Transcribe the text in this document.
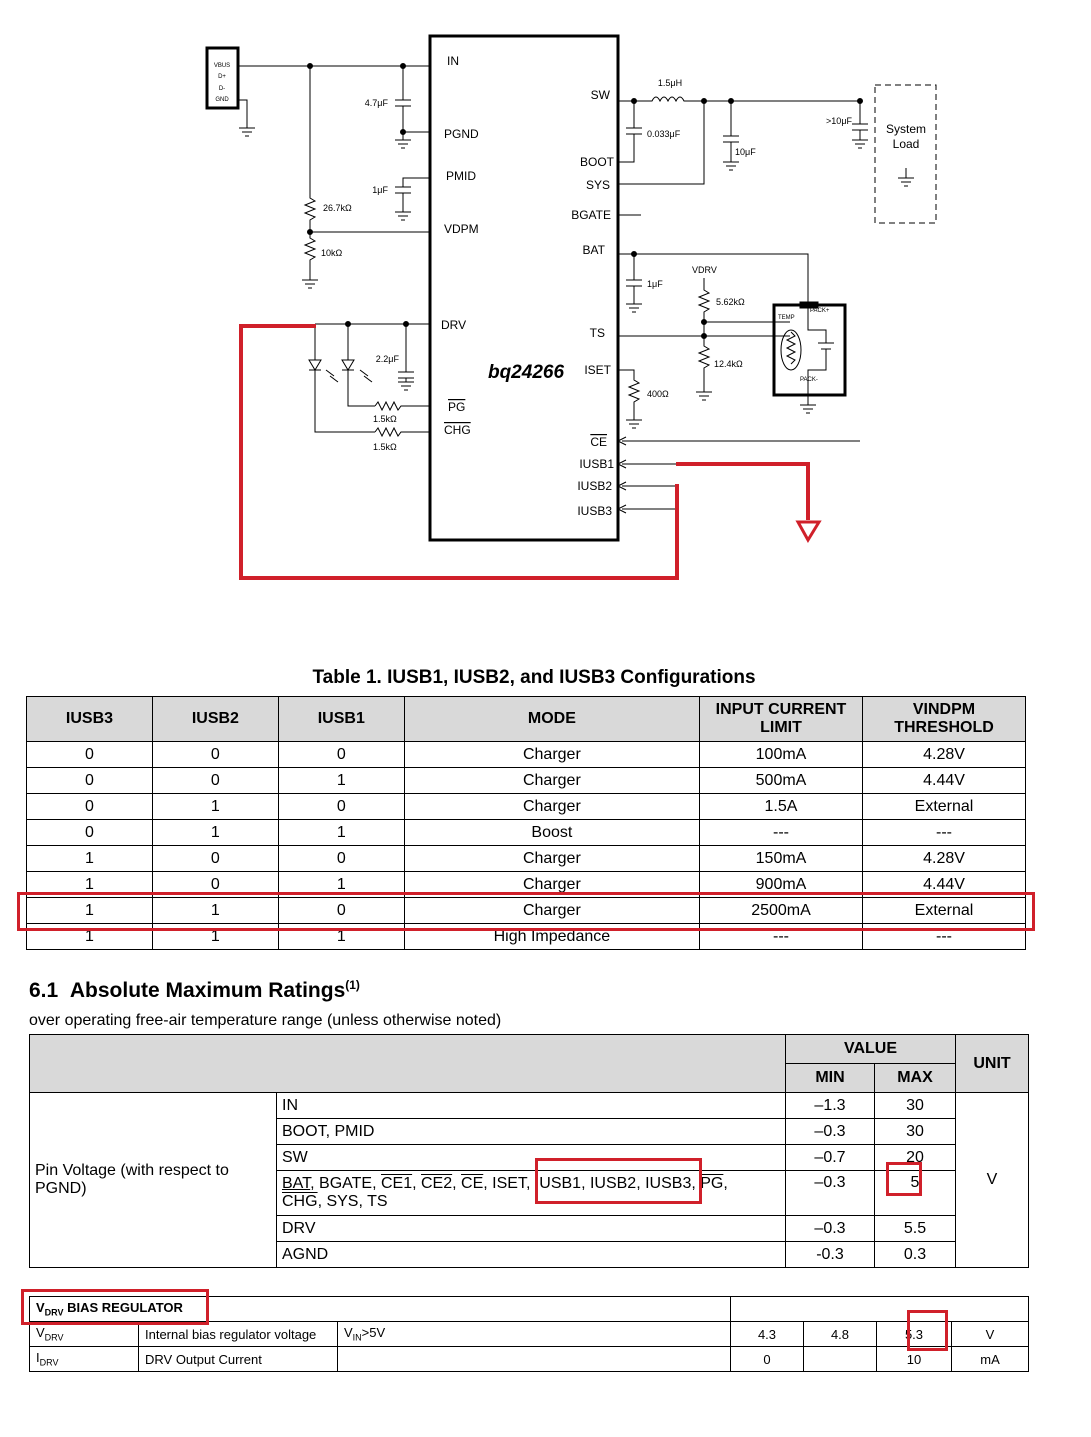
VBUS
D+
D-
GND
bq24266
IN
PGND
PMID
VDPM
DRV
PG
CHG
SW
BOOT
SYS
BGATE
BAT
TS
ISET
CE
IUSB1
IUSB2
IUSB3
4.7μF
1μF
26.7kΩ
10kΩ
2.2μF
1.5kΩ
1.5kΩ
1.5μH
0.033μF
10μF
>10μF
System
Load
1μF
VDRV
5.62kΩ
12.4kΩ
TEMP
PACK+
PACK-
400Ω
Table 1. IUSB1, IUSB2, and IUSB3 Configurations
IUSB3	IUSB2	IUSB1	MODE	INPUT CURRENT LIMIT	VINDPM THRESHOLD
0	0	0	Charger	100mA	4.28V
0	0	1	Charger	500mA	4.44V
0	1	0	Charger	1.5A	External
0	1	1	Boost	---	---
1	0	0	Charger	150mA	4.28V
1	0	1	Charger	900mA	4.44V
1	1	0	Charger	2500mA	External
1	1	1	High Impedance	---	---
6.1 Absolute Maximum Ratings$^{(1)}$
over operating free-air temperature range (unless otherwise noted)
		VALUE		UNIT
		MIN	MAX	
Pin Voltage (with respect to PGND)	IN	–1.3	30	V
	BOOT, PMID	–0.3	30	
	SW	–0.7	20	
	BAT, BGATE, CE1, CE2, $\overline{CE}$, ISET, IUSB1, IUSB2, IUSB3, $\overline{PG}$,
$\overline{CHG}$, SYS, TS	–0.3	5	
	DRV	–0.3	5.5	
	AGND	-0.3	0.3	
$V_{DRV}$ BIAS REGULATOR						
$V_{DRV}$	Internal bias regulator voltage	$V_{IN}>5V$	4.3	4.8	5.3	V
$I_{DRV}$	DRV Output Current		0		10	mA
